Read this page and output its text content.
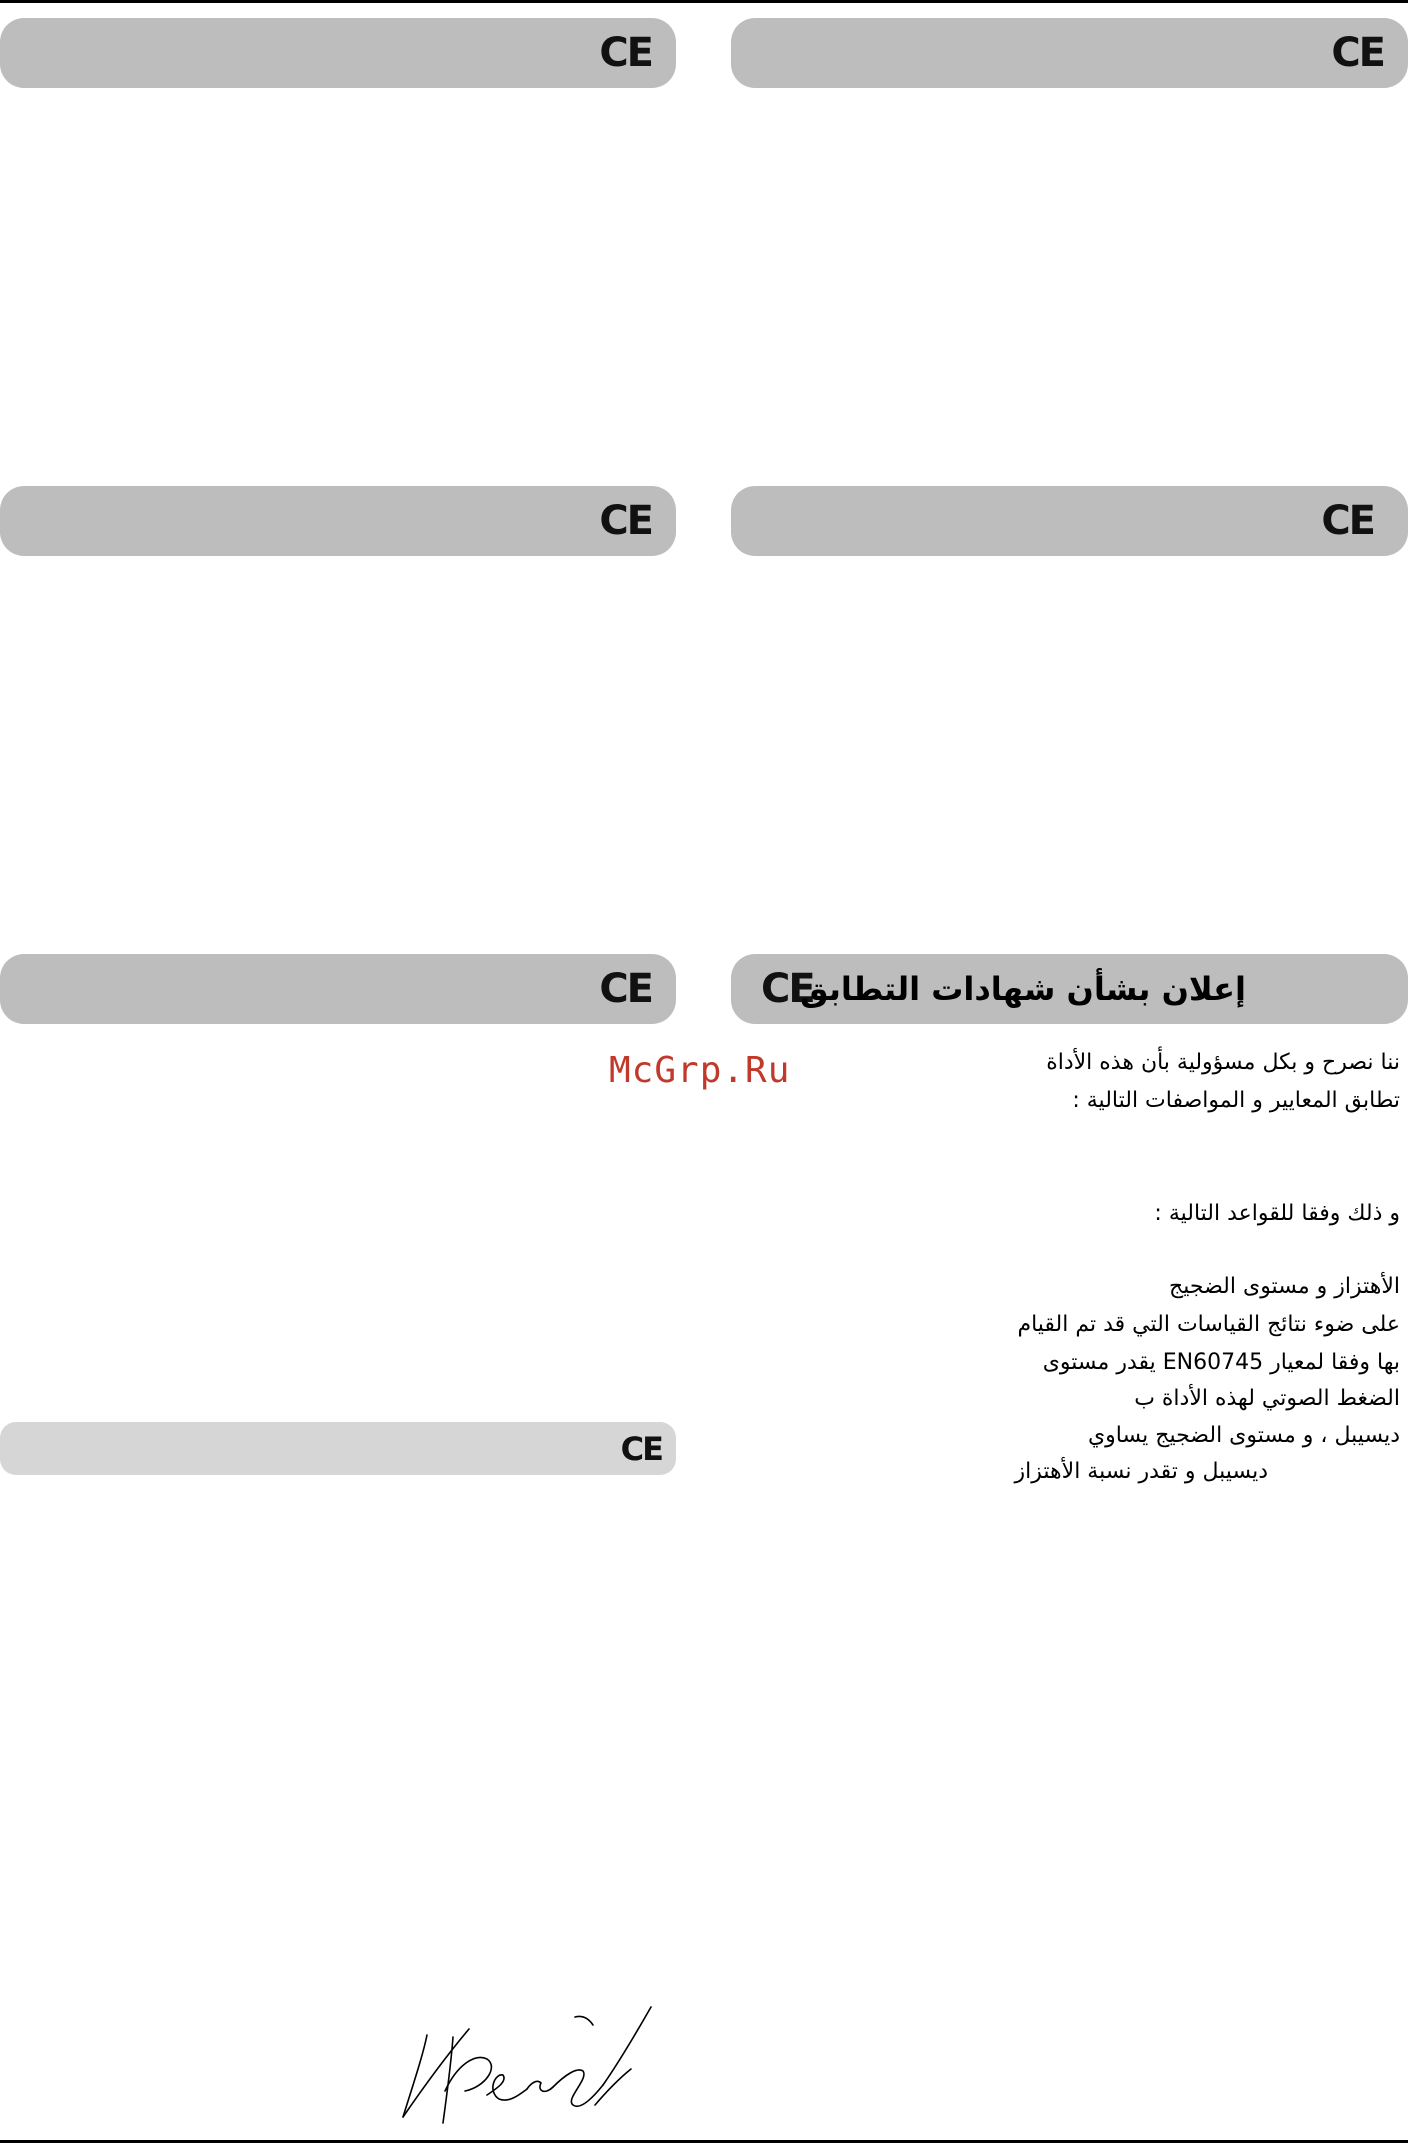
CE	CE
CE	CE
CE	CE
إعلان بشأن شهادات التطابق
CE
McGrp.Ru	ننا نصرح و بكل مسؤولية بأن هذه الأداة
تطابق المعايير و المواصفات التالية :
و ذلك وفقا للقواعد التالية :
الأهتزاز و مستوى الضجيج
على ضوء نتائج القياسات التي قد تم القيام
بها وفقا لمعيار EN60745 يقدر مستوى
الضغط الصوتي لهذه الأداة ب
ديسيبل ، و مستوى الضجيج يساوي
ديسيبل و تقدر نسبة الأهتزاز
